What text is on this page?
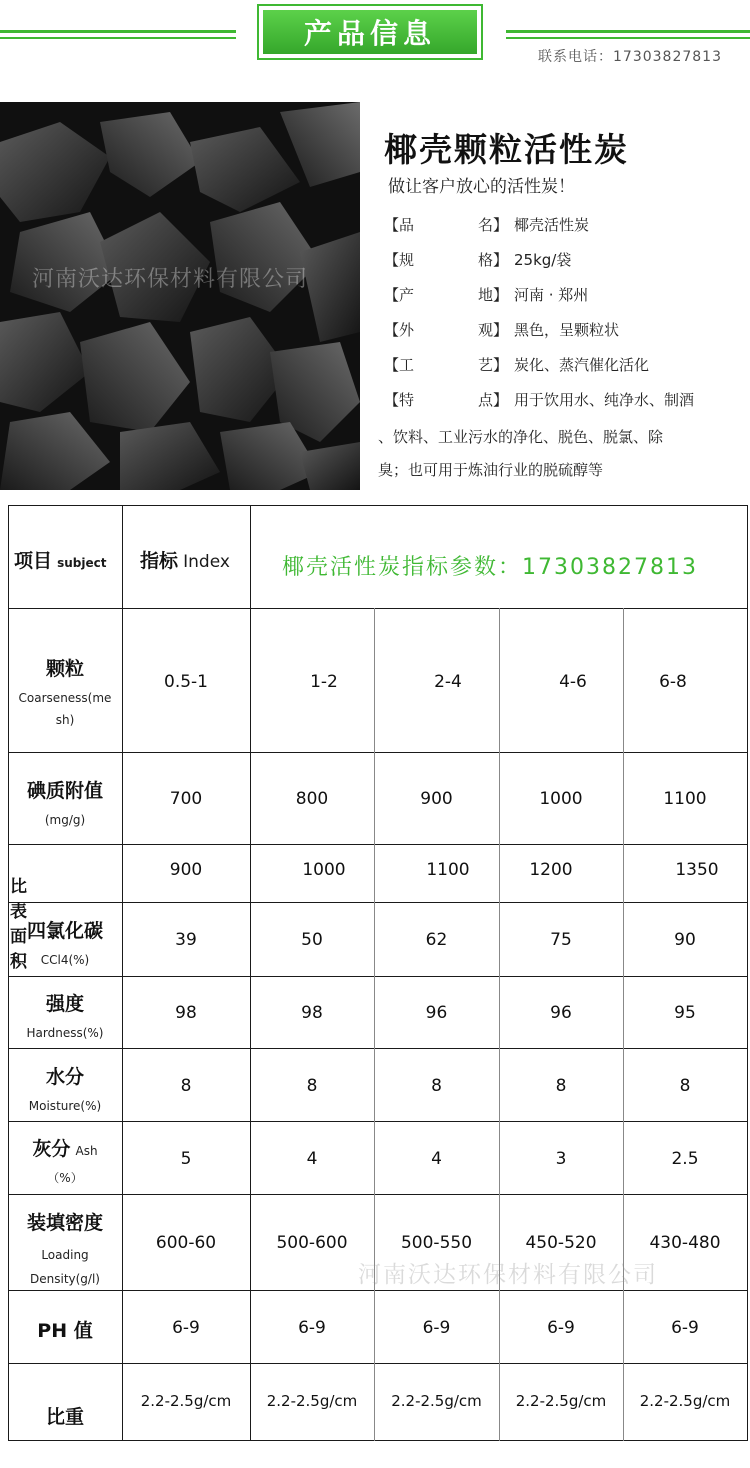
产品信息
联系电话：17303827813
河南沃达环保材料有限公司
椰壳颗粒活性炭
做让客户放心的活性炭！
【品	名】 椰壳活性炭
【规	格】 25kg/袋
【产	地】 河南 · 郑州
【外	观】 黑色，呈颗粒状
【工	艺】 炭化、蒸汽催化活化
【特	点】 用于饮用水、纯净水、制酒
、饮料、工业污水的净化、脱色、脱氯、除
臭；也可用于炼油行业的脱硫醇等
项目 subject 指标 Index 椰壳活性炭指标参数：17303827813
颗粒
Coarseness(me sh)
0.5-1	1-2	2-4	4-6	6-8
碘质附值
(mg/g)
700	800	900	1000	1100
比表面积
900	1000	1100	1200	1350
四氯化碳
CCl4(%)
39	50	62	75	90
强度
Hardness(%)
98	98	96	96	95
水分
Moisture(%)
8	8	8	8	8
灰分 Ash
（%）
5	4	4	3	2.5
装填密度
Loading Density(g/l)
600-60	500-600	500-550	450-520	430-480
PH 值	6-9	6-9	6-9	6-9	6-9
比重
2.2-2.5g/cm	2.2-2.5g/cm	2.2-2.5g/cm	2.2-2.5g/cm	2.2-2.5g/cm
河南沃达环保材料有限公司
